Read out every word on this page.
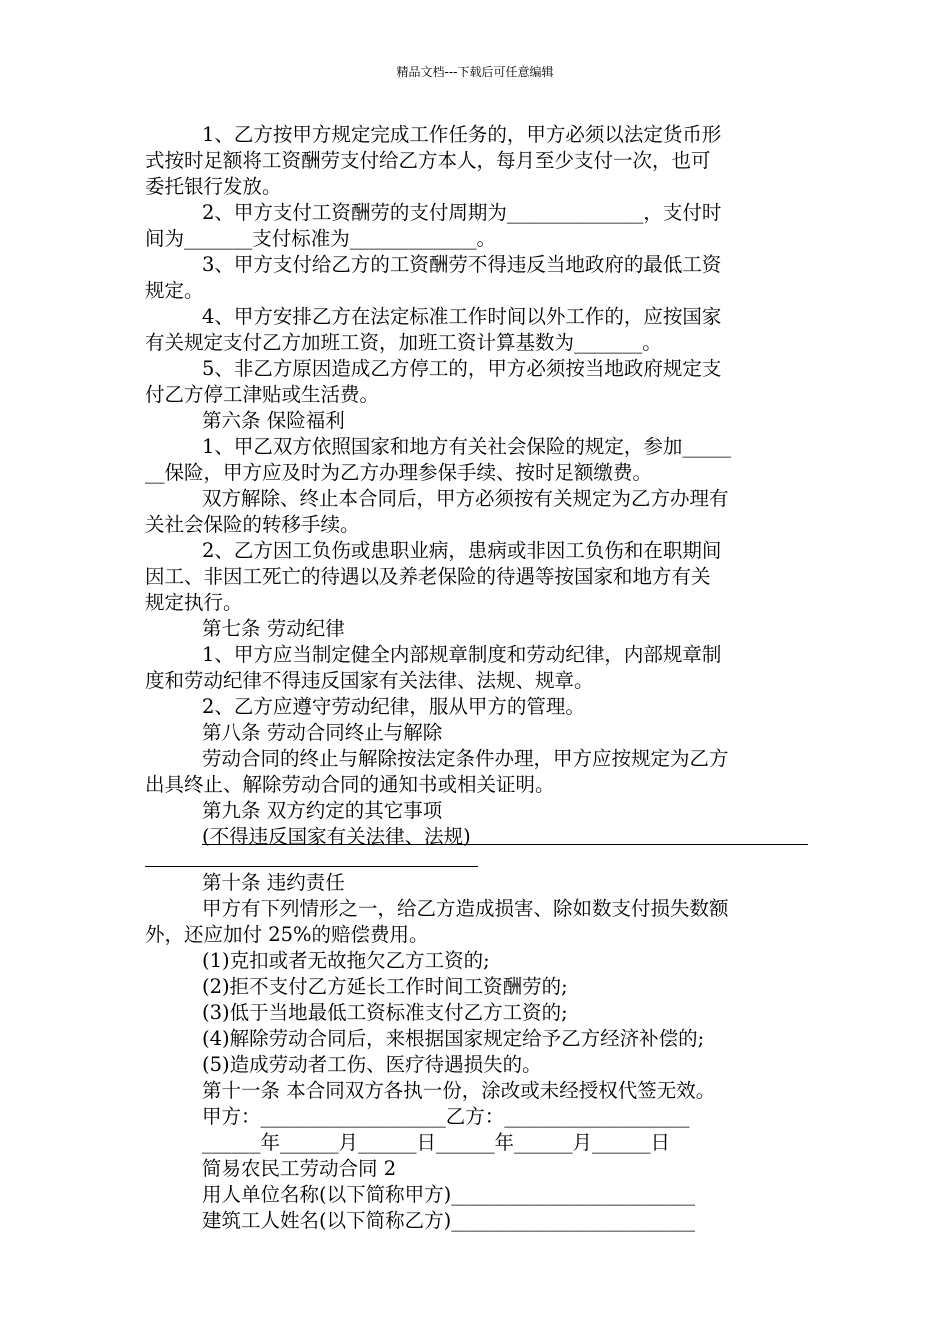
精品文档---下载后可任意编辑
1、乙方按甲方规定完成工作任务的，甲方必须以法定货币形
式按时足额将工资酬劳支付给乙方本人，每月至少支付一次，也可
委托银行发放。
2、甲方支付工资酬劳的支付周期为______________，支付时
间为_______支付标准为_____________。
3、甲方支付给乙方的工资酬劳不得违反当地政府的最低工资
规定。
4、甲方安排乙方在法定标准工作时间以外工作的，应按国家
有关规定支付乙方加班工资，加班工资计算基数为_______。
5、非乙方原因造成乙方停工的，甲方必须按当地政府规定支
付乙方停工津贴或生活费。
第六条 保险福利
1、甲乙双方依照国家和地方有关社会保险的规定，参加_____
__保险，甲方应及时为乙方办理参保手续、按时足额缴费。
双方解除、终止本合同后，甲方必须按有关规定为乙方办理有
关社会保险的转移手续。
2、乙方因工负伤或患职业病，患病或非因工负伤和在职期间
因工、非因工死亡的待遇以及养老保险的待遇等按国家和地方有关
规定执行。
第七条 劳动纪律
1、甲方应当制定健全内部规章制度和劳动纪律，内部规章制
度和劳动纪律不得违反国家有关法律、法规、规章。
2、乙方应遵守劳动纪律，服从甲方的管理。
第八条 劳动合同终止与解除
劳动合同的终止与解除按法定条件办理，甲方应按规定为乙方
出具终止、解除劳动合同的通知书或相关证明。
第九条 双方约定的其它事项
(不得违反国家有关法律、法规)
第十条 违约责任
甲方有下列情形之一，给乙方造成损害、除如数支付损失数额
外，还应加付 25%的赔偿费用。
(1)克扣或者无故拖欠乙方工资的;
(2)拒不支付乙方延长工作时间工资酬劳的;
(3)低于当地最低工资标准支付乙方工资的;
(4)解除劳动合同后，来根据国家规定给予乙方经济补偿的;
(5)造成劳动者工伤、医疗待遇损失的。
第十一条 本合同双方各执一份，涂改或未经授权代签无效。
甲方：___________________乙方：___________________
______年______月______日______年______月______日
简易农民工劳动合同 2
用人单位名称(以下简称甲方)_________________________
建筑工人姓名(以下简称乙方)_________________________
